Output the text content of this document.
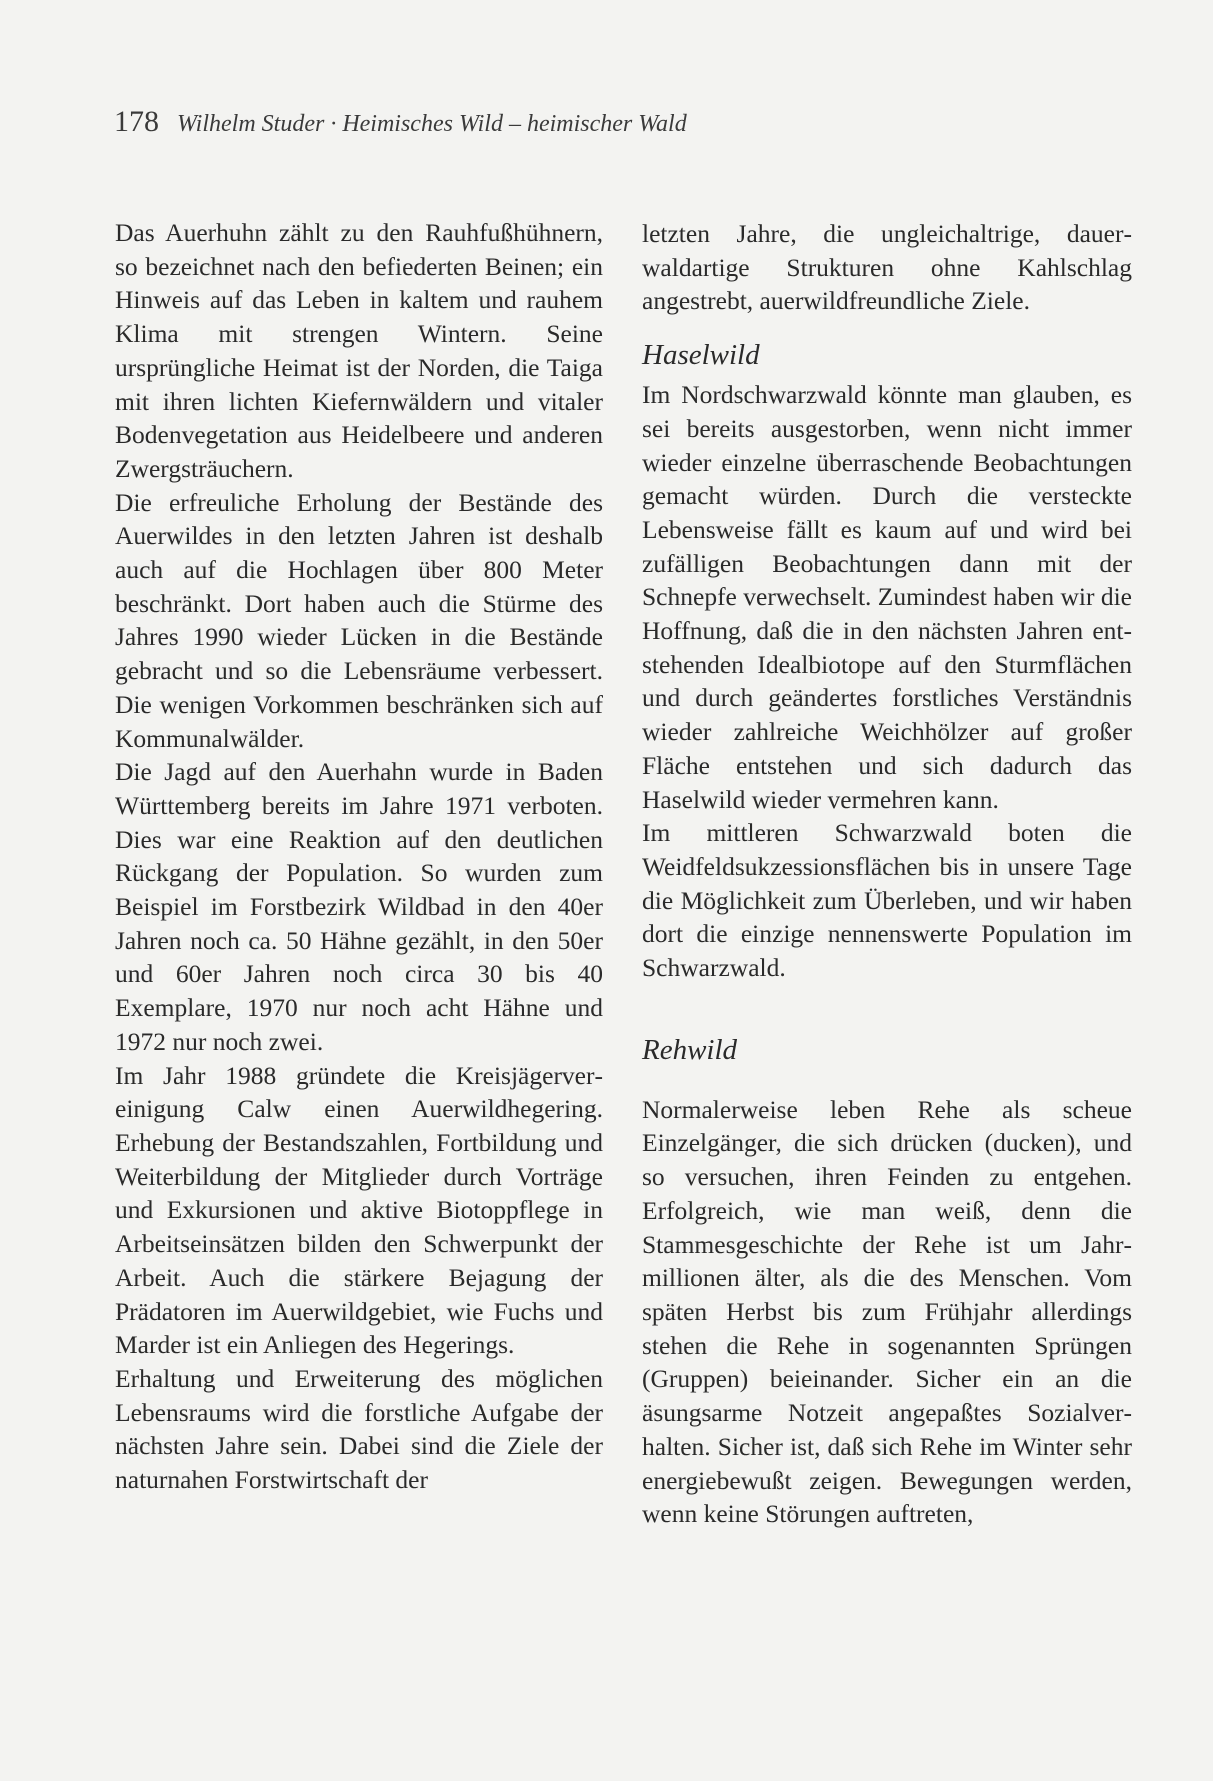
178 Wilhelm Studer · Heimisches Wild – heimischer Wald

Das Auerhuhn zählt zu den Rauhfußhühnern, so bezeichnet nach den befiederten Beinen; ein Hinweis auf das Leben in kaltem und rauhem Klima mit strengen Wintern. Seine ursprüngliche Heimat ist der Norden, die Taiga mit ihren lichten Kiefernwäldern und vitaler Bodenvegetation aus Heidelbeere und anderen Zwergsträuchern.

Die erfreuliche Erholung der Bestände des Auerwildes in den letzten Jahren ist deshalb auch auf die Hochlagen über 800 Meter beschränkt. Dort haben auch die Stürme des Jahres 1990 wieder Lücken in die Bestände gebracht und so die Lebensräume verbessert. Die wenigen Vorkommen beschränken sich auf Kommunalwälder.

Die Jagd auf den Auerhahn wurde in Baden Württemberg bereits im Jahre 1971 verboten. Dies war eine Reaktion auf den deutlichen Rückgang der Population. So wurden zum Beispiel im Forstbezirk Wildbad in den 40er Jahren noch ca. 50 Hähne gezählt, in den 50er und 60er Jahren noch circa 30 bis 40 Exemplare, 1970 nur noch acht Hähne und 1972 nur noch zwei.

Im Jahr 1988 gründete die Kreisjägervereinigung Calw einen Auerwildhegering. Erhebung der Bestandszahlen, Fortbildung und Weiterbildung der Mitglieder durch Vorträge und Exkursionen und aktive Biotoppflege in Arbeitseinsätzen bilden den Schwerpunkt der Arbeit. Auch die stärkere Bejagung der Prädatoren im Auerwildgebiet, wie Fuchs und Marder ist ein Anliegen des Hegerings.

Erhaltung und Erweiterung des möglichen Lebensraums wird die forstliche Aufgabe der nächsten Jahre sein. Dabei sind die Ziele der naturnahen Forstwirtschaft der

letzten Jahre, die ungleichaltrige, dauerwaldartige Strukturen ohne Kahlschlag angestrebt, auerwildfreundliche Ziele.

Haselwild

Im Nordschwarzwald könnte man glauben, es sei bereits ausgestorben, wenn nicht immer wieder einzelne überraschende Beobachtungen gemacht würden. Durch die versteckte Lebensweise fällt es kaum auf und wird bei zufälligen Beobachtungen dann mit der Schnepfe verwechselt. Zumindest haben wir die Hoffnung, daß die in den nächsten Jahren entstehenden Idealbiotope auf den Sturmflächen und durch geändertes forstliches Verständnis wieder zahlreiche Weichhölzer auf großer Fläche entstehen und sich dadurch das Haselwild wieder vermehren kann.

Im mittleren Schwarzwald boten die Weidfeldsukzessionsflächen bis in unsere Tage die Möglichkeit zum Überleben, und wir haben dort die einzige nennenswerte Population im Schwarzwald.

Rehwild

Normalerweise leben Rehe als scheue Einzelgänger, die sich drücken (ducken), und so versuchen, ihren Feinden zu entgehen. Erfolgreich, wie man weiß, denn die Stammesgeschichte der Rehe ist um Jahrmillionen älter, als die des Menschen. Vom späten Herbst bis zum Frühjahr allerdings stehen die Rehe in sogenannten Sprüngen (Gruppen) beieinander. Sicher ein an die äsungsarme Notzeit angepaßtes Sozialverhalten. Sicher ist, daß sich Rehe im Winter sehr energiebewußt zeigen. Bewegungen werden, wenn keine Störungen auftreten,
